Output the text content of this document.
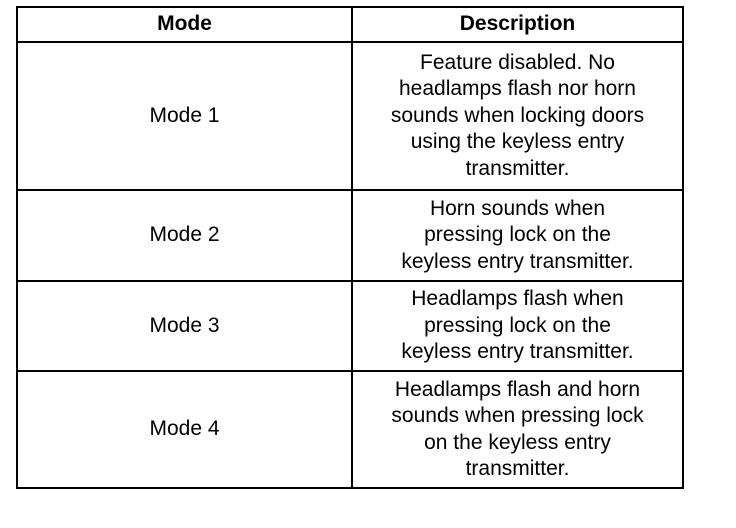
Mode	Description
Mode 1	Feature disabled. No
headlamps flash nor horn
sounds when locking doors
using the keyless entry
transmitter.

Mode 2	Horn sounds when
pressing lock on the
keyless entry transmitter.

Mode 3	Headlamps flash when
pressing lock on the
keyless entry transmitter.

Mode 4	Headlamps flash and horn
sounds when pressing lock
on the keyless entry
transmitter.
